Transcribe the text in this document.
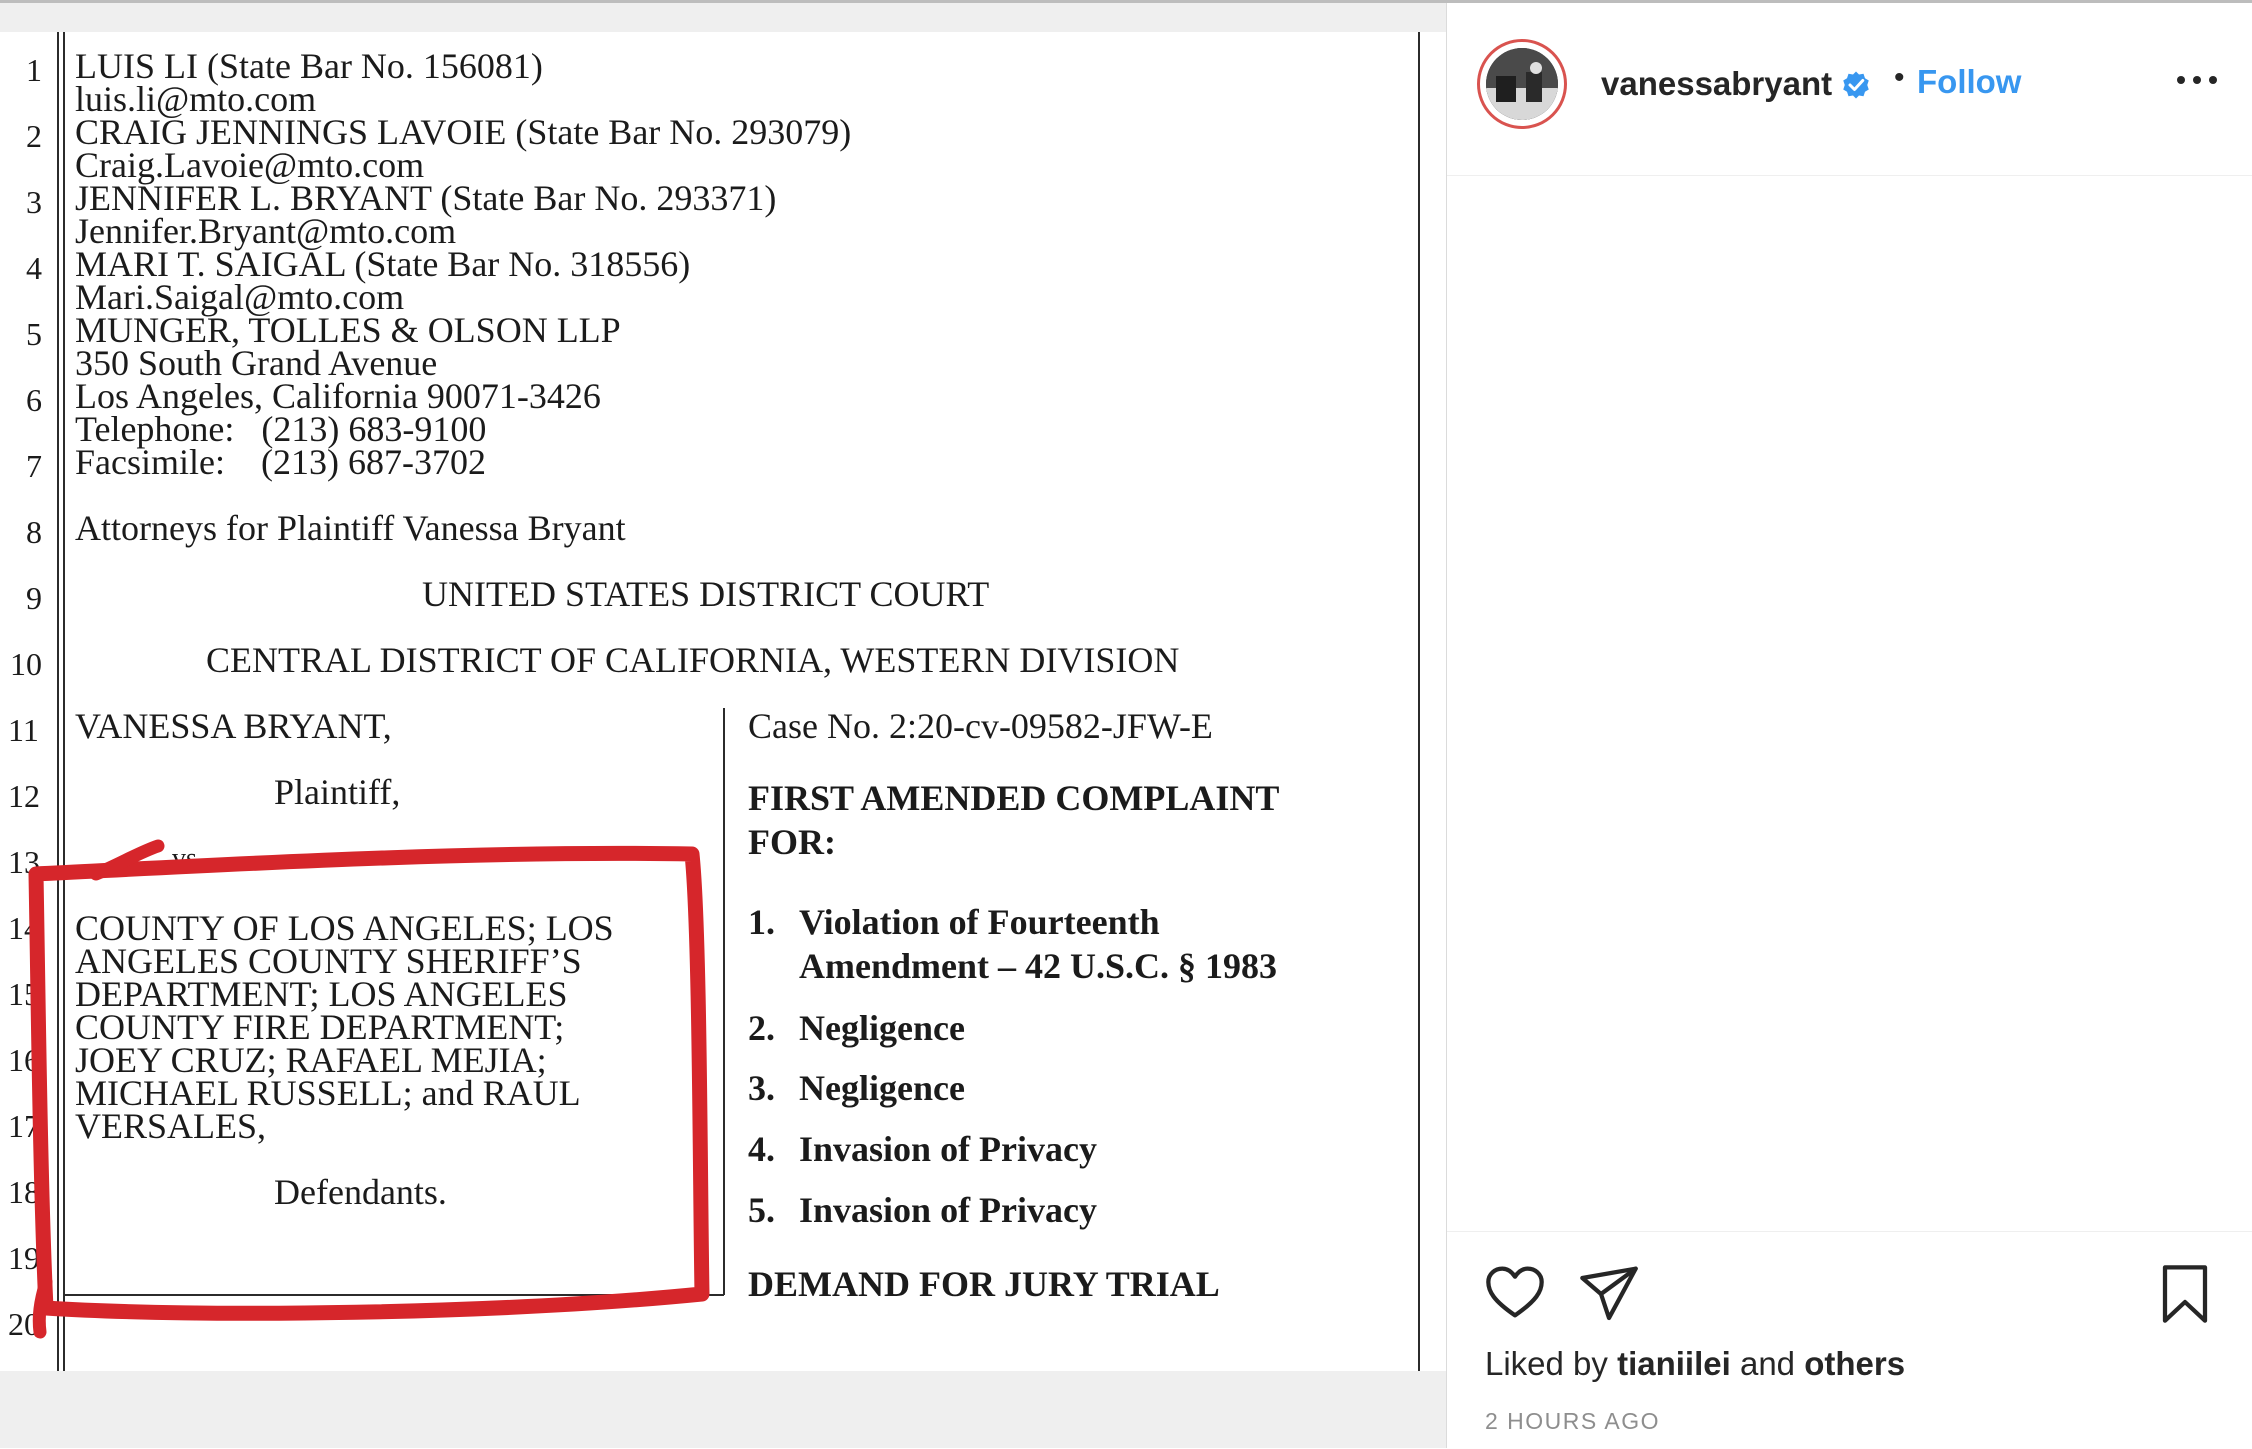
1
2
3
4
5
6
7
8
9
10
11
12
13
14
15
16
17
18
19
20
LUIS LI (State Bar No. 156081)
luis.li@mto.com
CRAIG JENNINGS LAVOIE (State Bar No. 293079)
Craig.Lavoie@mto.com
JENNIFER L. BRYANT (State Bar No. 293371)
Jennifer.Bryant@mto.com
MARI T. SAIGAL (State Bar No. 318556)
Mari.Saigal@mto.com
MUNGER, TOLLES & OLSON LLP
350 South Grand Avenue
Los Angeles, California 90071-3426
Telephone:   (213) 683-9100
Facsimile:    (213) 687-3702
Attorneys for Plaintiff Vanessa Bryant
UNITED STATES DISTRICT COURT
CENTRAL DISTRICT OF CALIFORNIA, WESTERN DIVISION
VANESSA BRYANT,
Plaintiff,
vs.
COUNTY OF LOS ANGELES; LOS
ANGELES COUNTY SHERIFF’S
DEPARTMENT; LOS ANGELES
COUNTY FIRE DEPARTMENT;
JOEY CRUZ; RAFAEL MEJIA;
MICHAEL RUSSELL; and RAUL
VERSALES,
Defendants.
Case No. 2:20-cv-09582-JFW-E
FIRST AMENDED COMPLAINT
FOR:
1. Violation of Fourteenth
Amendment – 42 U.S.C. § 1983
2. Negligence
3. Negligence
4. Invasion of Privacy
5. Invasion of Privacy
DEMAND FOR JURY TRIAL
vanessabryant • Follow
Liked by tianiilei and others
2 HOURS AGO
